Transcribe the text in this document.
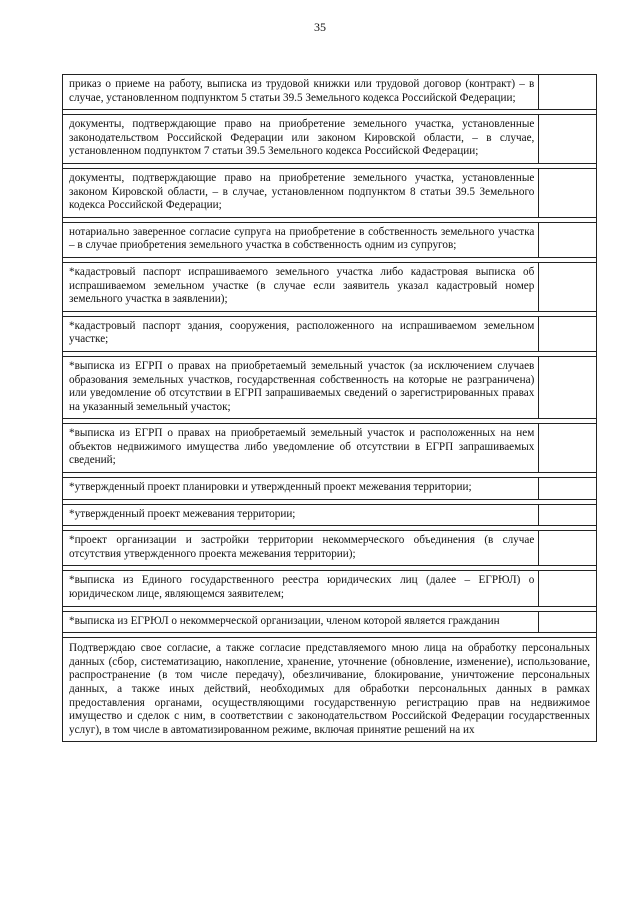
35
приказ о приеме на работу, выписка из трудовой книжки или трудовой договор (контракт) – в случае, установленном подпунктом 5 статьи 39.5 Земельного кодекса Российской Федерации;	

документы, подтверждающие право на приобретение земельного участка, установленные законодательством Российской Федерации или законом Кировской области, – в случае, установленном подпунктом 7 статьи 39.5 Земельного кодекса Российской Федерации;	

документы, подтверждающие право на приобретение земельного участка, установленные законом Кировской области, – в случае, установленном подпунктом 8 статьи 39.5 Земельного кодекса Российской Федерации;	

нотариально заверенное согласие супруга на приобретение в собственность земельного участка – в случае приобретения земельного участка в собственность одним из супругов;	

*кадастровый паспорт испрашиваемого земельного участка либо кадастровая выписка об испрашиваемом земельном участке (в случае если заявитель указал кадастровый номер земельного участка в заявлении);	

*кадастровый паспорт здания, сооружения, расположенного на испрашиваемом земельном участке;	

*выписка из ЕГРП о правах на приобретаемый земельный участок (за исключением случаев образования земельных участков, государственная собственность на которые не разграничена) или уведомление об отсутствии в ЕГРП запрашиваемых сведений о зарегистрированных правах на указанный земельный участок;	

*выписка из ЕГРП о правах на приобретаемый земельный участок и расположенных на нем объектов недвижимого имущества либо уведомление об отсутствии в ЕГРП запрашиваемых сведений;	

*утвержденный проект планировки и утвержденный проект межевания территории;	

*утвержденный проект межевания территории;	

*проект организации и застройки территории некоммерческого объединения (в случае отсутствия утвержденного проекта межевания территории);	

*выписка из Единого государственного реестра юридических лиц (далее – ЕГРЮЛ) о юридическом лице, являющемся заявителем;	

*выписка из ЕГРЮЛ о некоммерческой организации, членом которой является гражданин	

Подтверждаю свое согласие, а также согласие представляемого мною лица на обработку персональных данных (сбор, систематизацию, накопление, хранение, уточнение (обновление, изменение), использование, распространение (в том числе передачу), обезличивание, блокирование, уничтожение персональных данных, а также иных действий, необходимых для обработки персональных данных в рамках предоставления органами, осуществляющими государственную регистрацию прав на недвижимое имущество и сделок с ним, в соответствии с законодательством Российской Федерации государственных услуг), в том числе в автоматизированном режиме, включая принятие решений на их	
